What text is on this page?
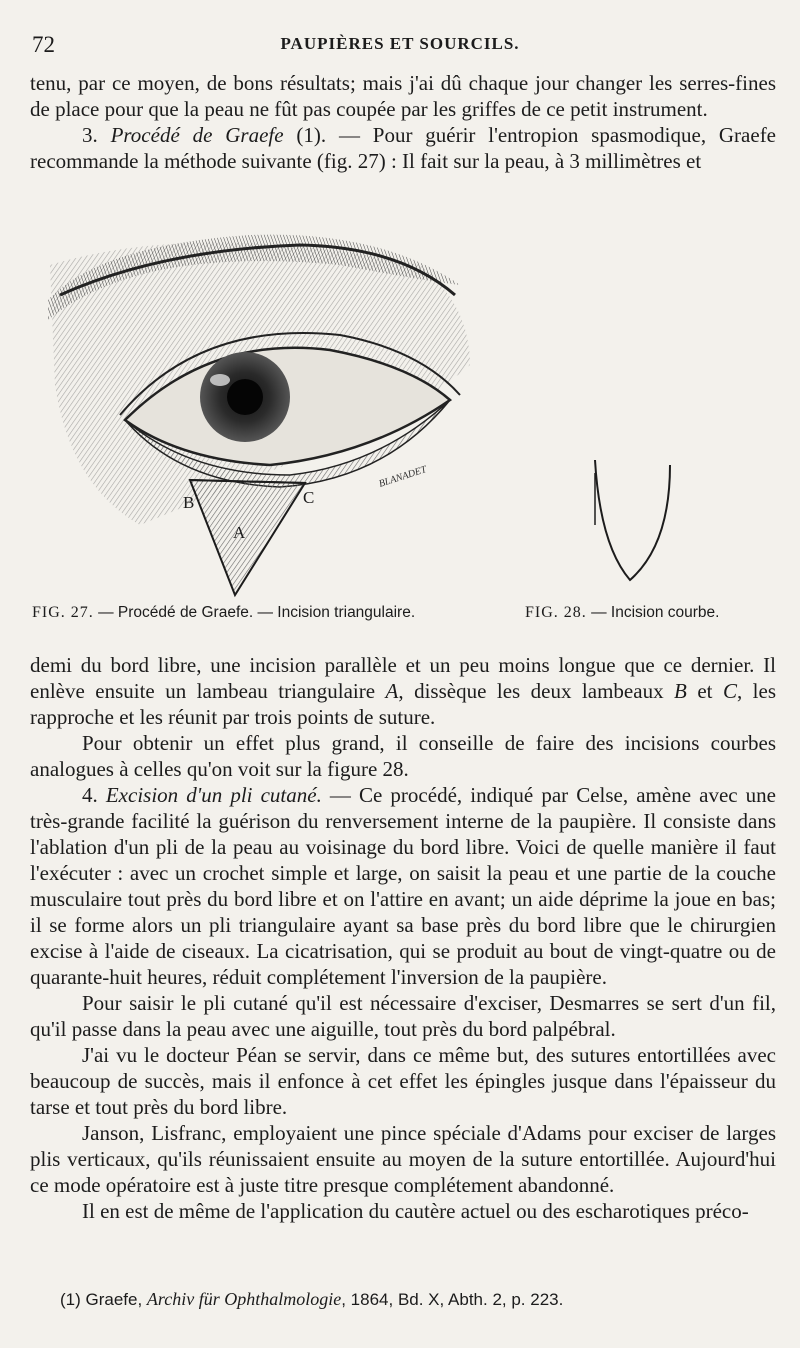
72	PAUPIÈRES ET SOURCILS.

tenu, par ce moyen, de bons résultats; mais j'ai dû chaque jour changer les serres-fines de place pour que la peau ne fût pas coupée par les griffes de ce petit instrument.

3. Procédé de Graefe (1). — Pour guérir l'entropion spasmodique, Graefe recommande la méthode suivante (fig. 27) : Il fait sur la peau, à 3 millimètres et

B	C
A
BLANADET
FIG. 27. — Procédé de Graefe. — Incision triangulaire.	FIG. 28. — Incision courbe.

demi du bord libre, une incision parallèle et un peu moins longue que ce dernier. Il enlève ensuite un lambeau triangulaire A, dissèque les deux lambeaux B et C, les rapproche et les réunit par trois points de suture.

Pour obtenir un effet plus grand, il conseille de faire des incisions courbes analogues à celles qu'on voit sur la figure 28.

4. Excision d'un pli cutané. — Ce procédé, indiqué par Celse, amène avec une très-grande facilité la guérison du renversement interne de la paupière. Il consiste dans l'ablation d'un pli de la peau au voisinage du bord libre. Voici de quelle manière il faut l'exécuter : avec un crochet simple et large, on saisit la peau et une partie de la couche musculaire tout près du bord libre et on l'attire en avant; un aide déprime la joue en bas; il se forme alors un pli triangulaire ayant sa base près du bord libre que le chirurgien excise à l'aide de ciseaux. La cicatrisation, qui se produit au bout de vingt-quatre ou de quarante-huit heures, réduit complétement l'inversion de la paupière.

Pour saisir le pli cutané qu'il est nécessaire d'exciser, Desmarres se sert d'un fil, qu'il passe dans la peau avec une aiguille, tout près du bord palpébral.

J'ai vu le docteur Péan se servir, dans ce même but, des sutures entortillées avec beaucoup de succès, mais il enfonce à cet effet les épingles jusque dans l'épaisseur du tarse et tout près du bord libre.

Janson, Lisfranc, employaient une pince spéciale d'Adams pour exciser de larges plis verticaux, qu'ils réunissaient ensuite au moyen de la suture entortillée. Aujourd'hui ce mode opératoire est à juste titre presque complétement abandonné.

Il en est de même de l'application du cautère actuel ou des escharotiques préco-

(1) Graefe, Archiv für Ophthalmologie, 1864, Bd. X, Abth. 2, p. 223.
